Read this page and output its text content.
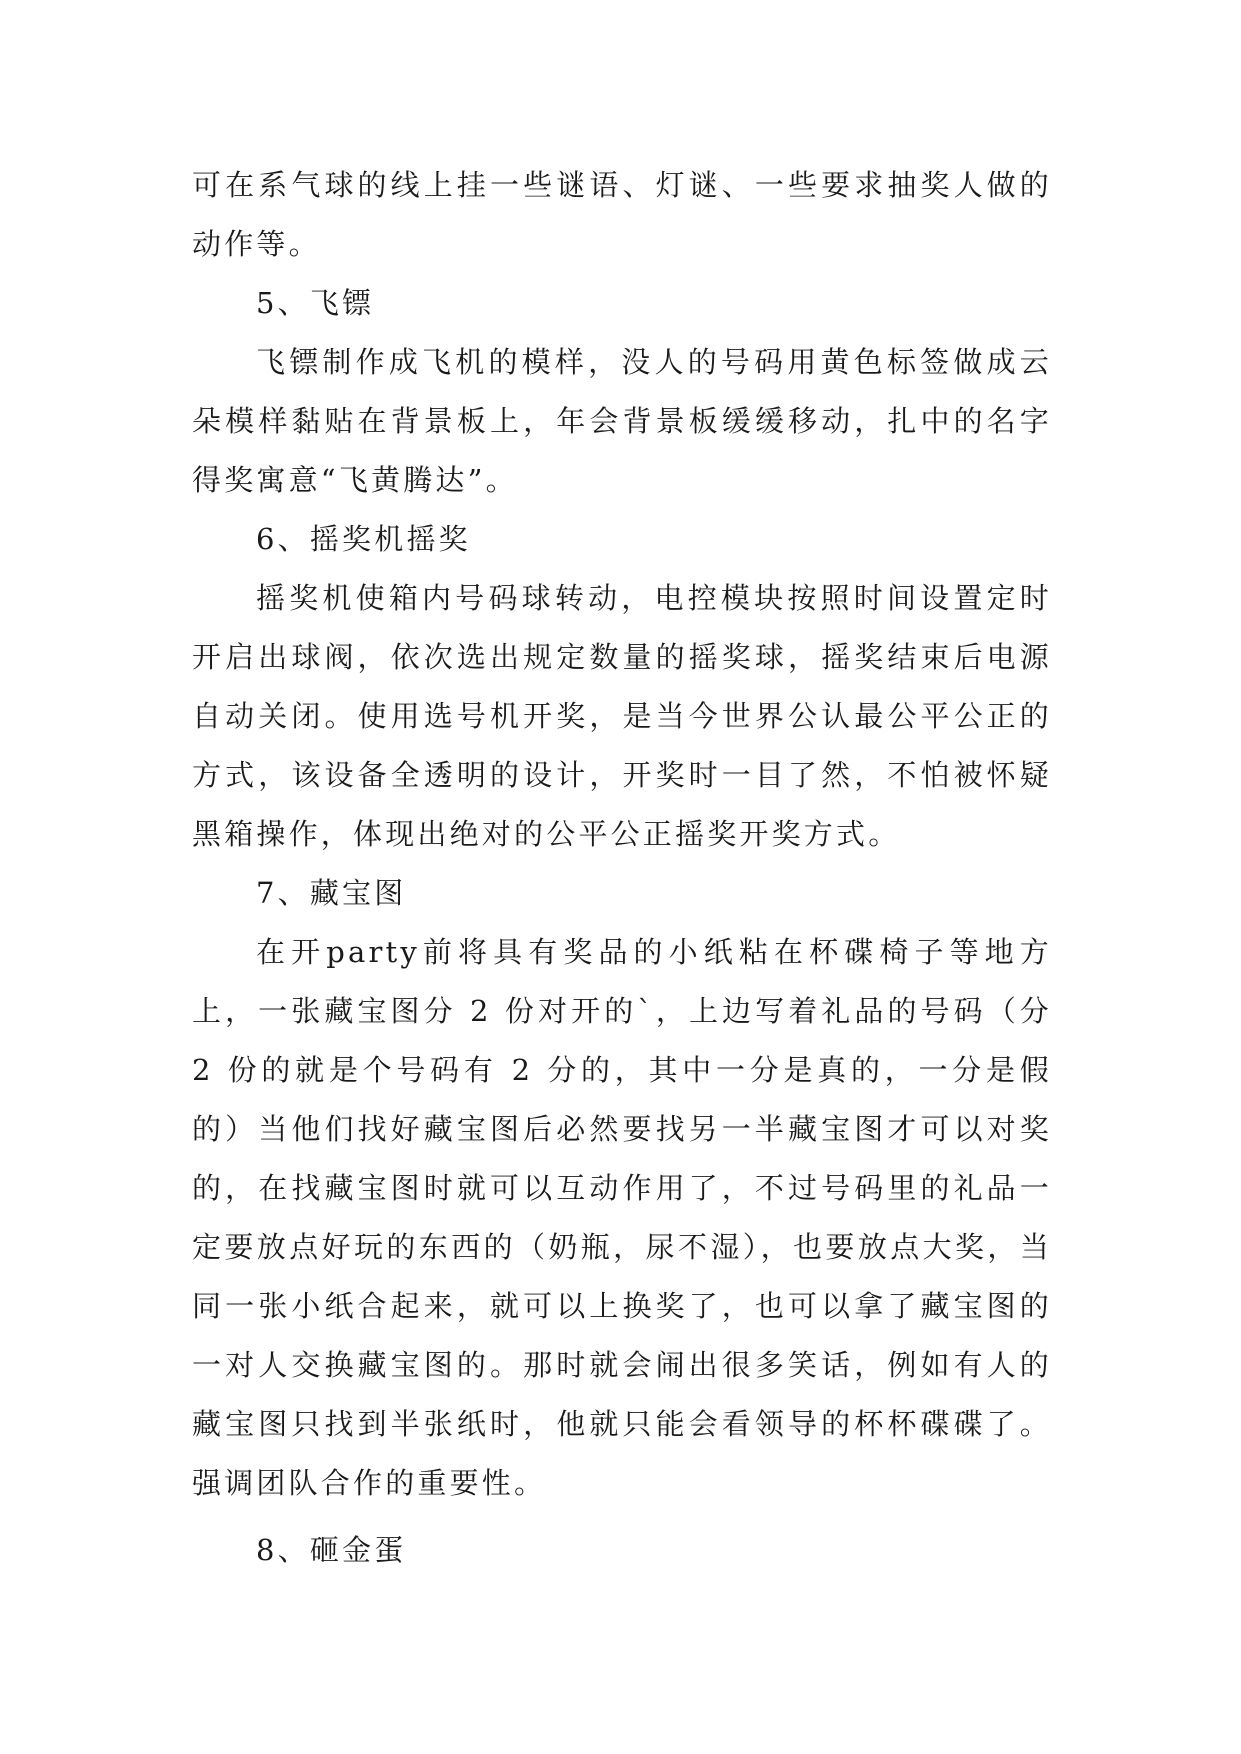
可在系气球的线上挂一些谜语、灯谜、一些要求抽奖人做的动作等。

5、飞镖

飞镖制作成飞机的模样，没人的号码用黄色标签做成云朵模样黏贴在背景板上，年会背景板缓缓移动，扎中的名字得奖寓意“飞黄腾达”。

6、摇奖机摇奖

摇奖机使箱内号码球转动，电控模块按照时间设置定时开启出球阀，依次选出规定数量的摇奖球，摇奖结束后电源自动关闭。使用选号机开奖，是当今世界公认最公平公正的方式，该设备全透明的设计，开奖时一目了然，不怕被怀疑黑箱操作，体现出绝对的公平公正摇奖开奖方式。

7、藏宝图

在开party前将具有奖品的小纸粘在杯碟椅子等地方上，一张藏宝图分 2 份对开的`，上边写着礼品的号码（分 2 份的就是个号码有 2 分的，其中一分是真的，一分是假的）当他们找好藏宝图后必然要找另一半藏宝图才可以对奖的，在找藏宝图时就可以互动作用了，不过号码里的礼品一定要放点好玩的东西的（奶瓶，尿不湿），也要放点大奖，当同一张小纸合起来，就可以上换奖了，也可以拿了藏宝图的一对人交换藏宝图的。那时就会闹出很多笑话，例如有人的藏宝图只找到半张纸时，他就只能会看领导的杯杯碟碟了。强调团队合作的重要性。

8、砸金蛋
